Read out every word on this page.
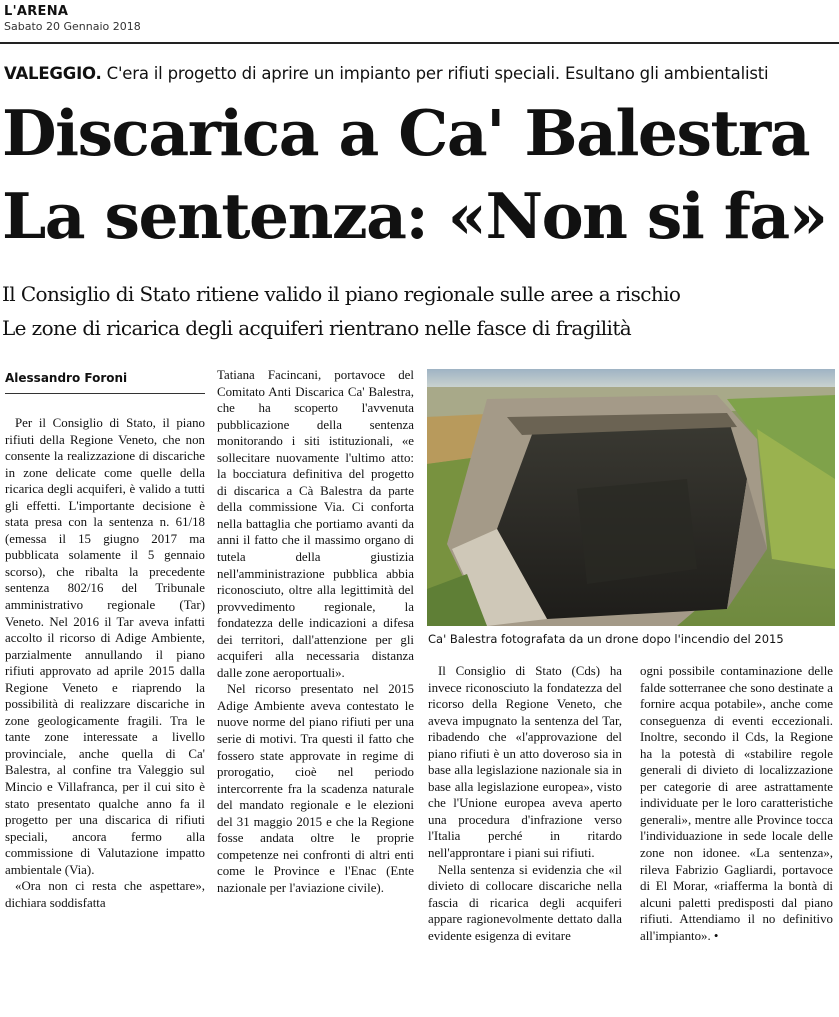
L'ARENA
Sabato 20 Gennaio 2018
VALEGGIO. C'era il progetto di aprire un impianto per rifiuti speciali. Esultano gli ambientalisti
Discarica a Ca' Balestra
La sentenza: «Non si fa»
Il Consiglio di Stato ritiene valido il piano regionale sulle aree a rischio
Le zone di ricarica degli acquiferi rientrano nelle fasce di fragilità
Alessandro Foroni

Per il Consiglio di Stato, il piano rifiuti della Regione Veneto, che non consente la realizzazione di discariche in zone delicate come quelle della ricarica degli acquiferi, è valido a tutti gli effetti. L'importante decisione è stata presa con la sentenza n. 61/18 (emessa il 15 giugno 2017 ma pubblicata solamente il 5 gennaio scorso), che ribalta la precedente sentenza 802/16 del Tribunale amministrativo regionale (Tar) Veneto. Nel 2016 il Tar aveva infatti accolto il ricorso di Adige Ambiente, parzialmente annullando il piano rifiuti approvato ad aprile 2015 dalla Regione Veneto e riaprendo la possibilità di realizzare discariche in zone geologicamente fragili. Tra le tante zone interessate a livello provinciale, anche quella di Ca' Balestra, al confine tra Valeggio sul Mincio e Villafranca, per il cui sito è stato presentato qualche anno fa il progetto per una discarica di rifiuti speciali, ancora fermo alla commissione di Valutazione impatto ambientale (Via).

«Ora non ci resta che aspettare», dichiara soddisfatta

Tatiana Facincani, portavoce del Comitato Anti Discarica Ca' Balestra, che ha scoperto l'avvenuta pubblicazione della sentenza monitorando i siti istituzionali, «e sollecitare nuovamente l'ultimo atto: la bocciatura definitiva del progetto di discarica a Cà Balestra da parte della commissione Via. Ci conforta nella battaglia che portiamo avanti da anni il fatto che il massimo organo di tutela della giustizia nell'amministrazione pubblica abbia riconosciuto, oltre alla legittimità del provvedimento regionale, la fondatezza delle indicazioni a difesa dei territori, dall'attenzione per gli acquiferi alla necessaria distanza dalle zone aeroportuali».

Nel ricorso presentato nel 2015 Adige Ambiente aveva contestato le nuove norme del piano rifiuti per una serie di motivi. Tra questi il fatto che fossero state approvate in regime di prorogatio, cioè nel periodo intercorrente fra la scadenza naturale del mandato regionale e le elezioni del 31 maggio 2015 e che la Regione fosse andata oltre le proprie competenze nei confronti di altri enti come le Province e l'Enac (Ente nazionale per l'aviazione civile).

Ca' Balestra fotografata da un drone dopo l'incendio del 2015

Il Consiglio di Stato (Cds) ha invece riconosciuto la fondatezza del ricorso della Regione Veneto, che aveva impugnato la sentenza del Tar, ribadendo che «l'approvazione del piano rifiuti è un atto doveroso sia in base alla legislazione nazionale sia in base alla legislazione europea», visto che l'Unione europea aveva aperto una procedura d'infrazione verso l'Italia perché in ritardo nell'approntare i piani sui rifiuti.

Nella sentenza si evidenzia che «il divieto di collocare discariche nella fascia di ricarica degli acquiferi appare ragionevolmente dettato dalla evidente esigenza di evitare

ogni possibile contaminazione delle falde sotterranee che sono destinate a fornire acqua potabile», anche come conseguenza di eventi eccezionali. Inoltre, secondo il Cds, la Regione ha la potestà di «stabilire regole generali di divieto di localizzazione per categorie di aree astrattamente individuate per le loro caratteristiche generali», mentre alle Province tocca l'individuazione in sede locale delle zone non idonee. «La sentenza», rileva Fabrizio Gagliardi, portavoce di El Morar, «riafferma la bontà di alcuni paletti predisposti dal piano rifiuti. Attendiamo il no definitivo all'impianto». •
